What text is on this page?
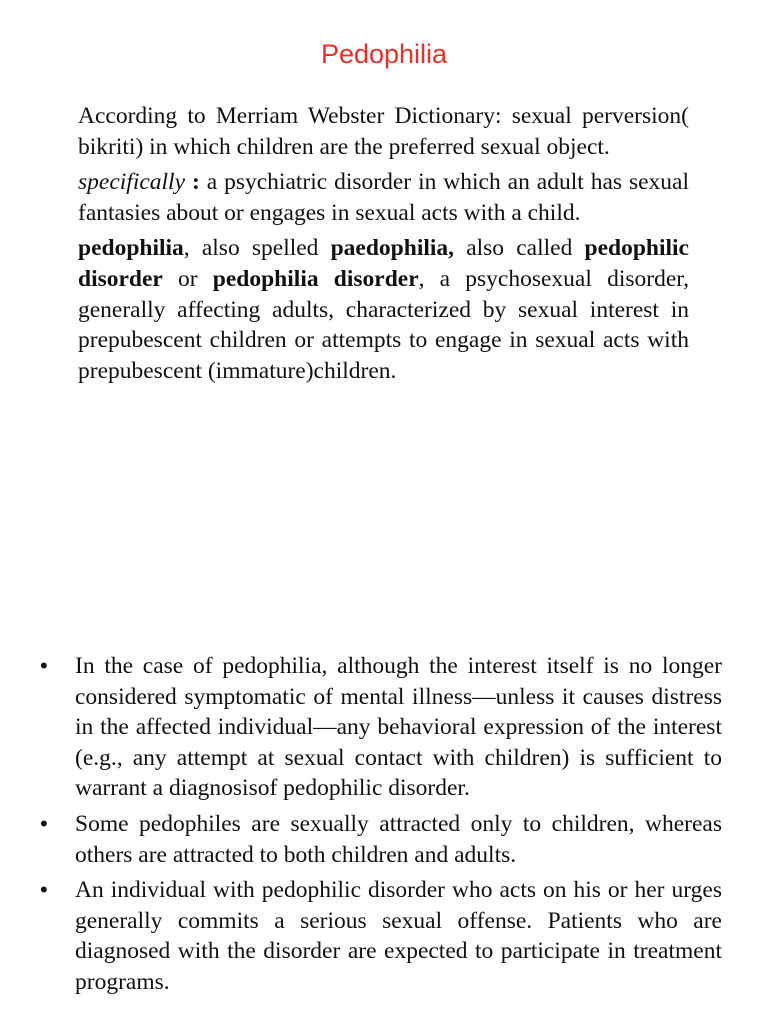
Pedophilia

According to Merriam Webster Dictionary: sexual perversion( bikriti) in which children are the preferred sexual object.

specifically : a psychiatric disorder in which an adult has sexual fantasies about or engages in sexual acts with a child.

pedophilia, also spelled paedophilia, also called pedophilic disorder or pedophilia disorder, a psychosexual disorder, generally affecting adults, characterized by sexual interest in prepubescent children or attempts to engage in sexual acts with prepubescent (immature)children.

• In the case of pedophilia, although the interest itself is no longer considered symptomatic of mental illness—unless it causes distress in the affected individual—any behavioral expression of the interest (e.g., any attempt at sexual contact with children) is sufficient to warrant a diagnosisof pedophilic disorder.
• Some pedophiles are sexually attracted only to children, whereas others are attracted to both children and adults.
• An individual with pedophilic disorder who acts on his or her urges generally commits a serious sexual offense. Patients who are diagnosed with the disorder are expected to participate in treatment programs.
